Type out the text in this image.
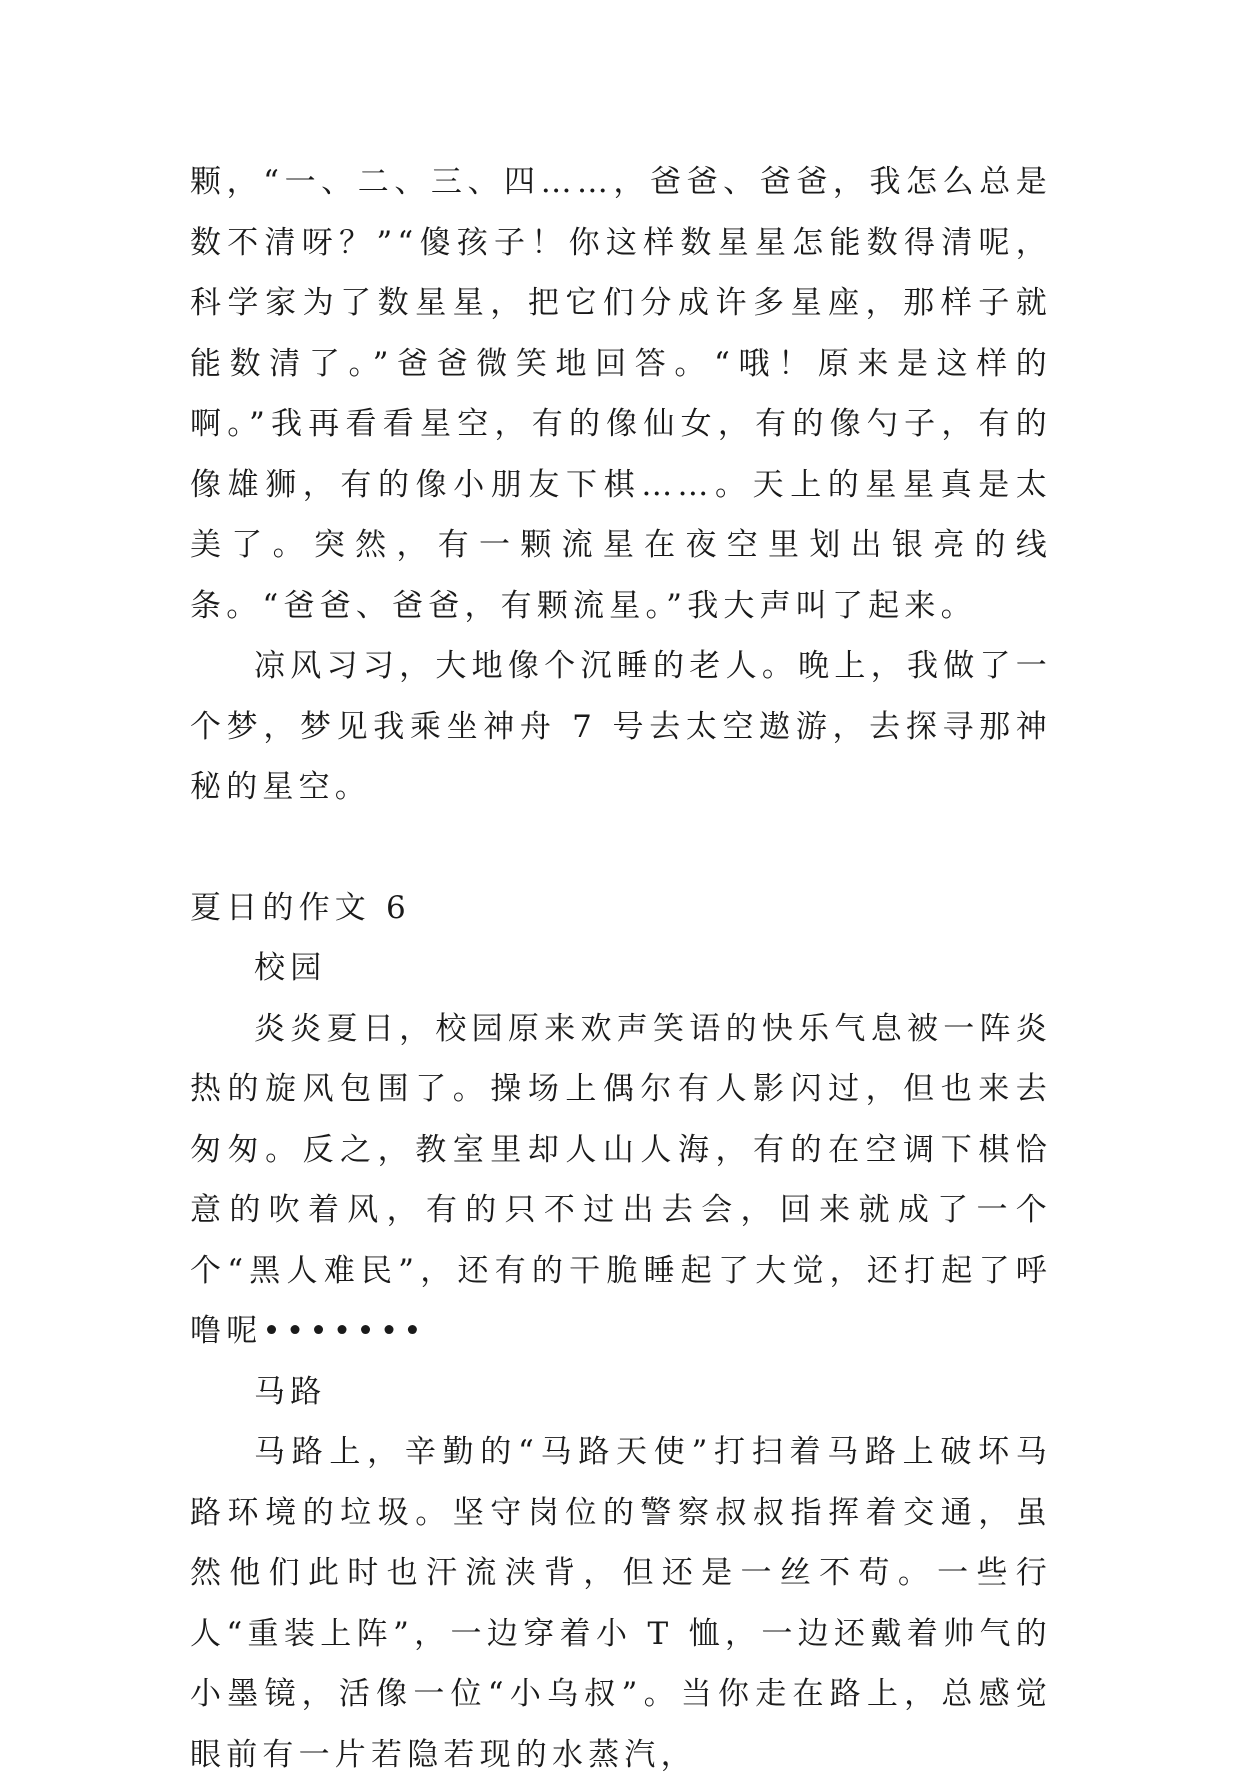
颗，“一、二、三、四……，爸爸、爸爸，我怎么总是数不清呀？”“傻孩子！你这样数星星怎能数得清呢，科学家为了数星星，把它们分成许多星座，那样子就能数清了。”爸爸微笑地回答。“哦！原来是这样的啊。”我再看看星空，有的像仙女，有的像勺子，有的像雄狮，有的像小朋友下棋……。天上的星星真是太美了。突然，有一颗流星在夜空里划出银亮的线条。“爸爸、爸爸，有颗流星。”我大声叫了起来。

凉风习习，大地像个沉睡的老人。晚上，我做了一个梦，梦见我乘坐神舟 7 号去太空遨游，去探寻那神秘的星空。

夏日的作文 6

校园

炎炎夏日，校园原来欢声笑语的快乐气息被一阵炎热的旋风包围了。操场上偶尔有人影闪过，但也来去匆匆。反之，教室里却人山人海，有的在空调下棋恰意的吹着风，有的只不过出去会，回来就成了一个个“黑人难民”，还有的干脆睡起了大觉，还打起了呼噜呢•••••••

马路

马路上，辛勤的“马路天使”打扫着马路上破坏马路环境的垃圾。坚守岗位的警察叔叔指挥着交通，虽然他们此时也汗流浃背，但还是一丝不苟。一些行人“重装上阵”，一边穿着小 T 恤，一边还戴着帅气的小墨镜，活像一位“小乌叔”。当你走在路上，总感觉眼前有一片若隐若现的水蒸汽，
